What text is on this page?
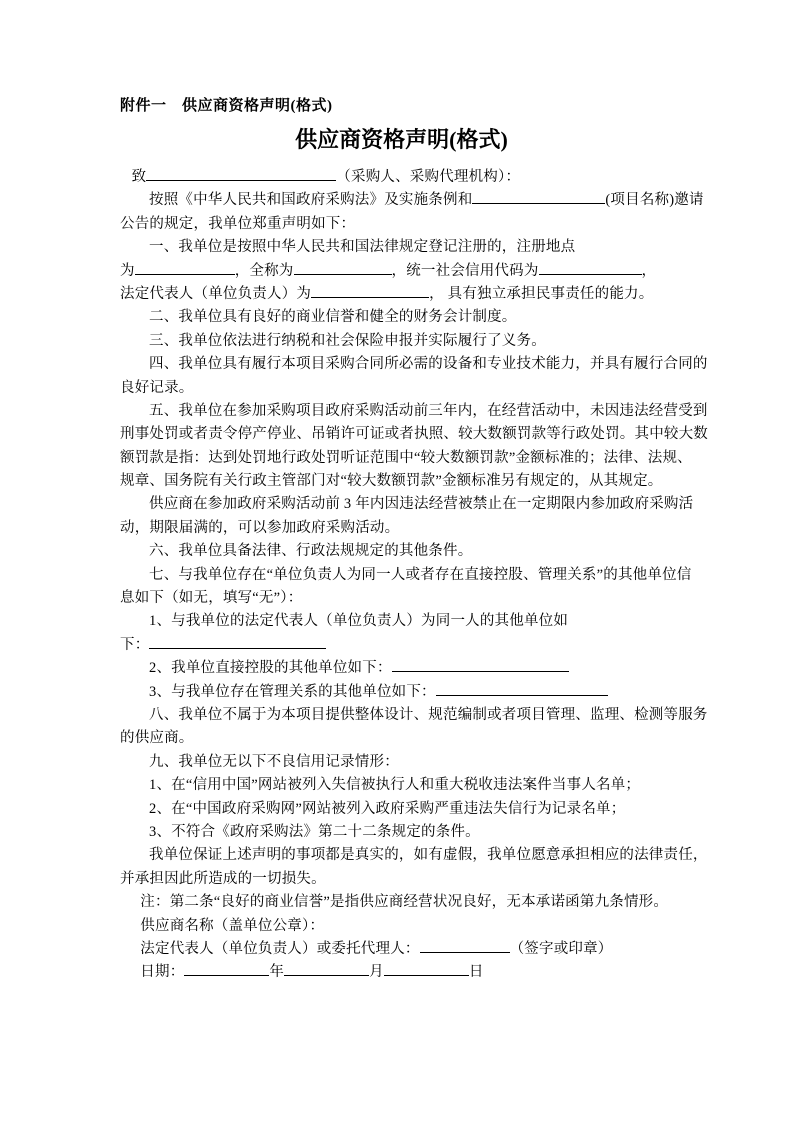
附件一　供应商资格声明(格式)
供应商资格声明(格式)
致	（采购人、采购代理机构）：
按照《中华人民共和国政府采购法》及实施条例和	(项目名称)邀请
公告的规定，我单位郑重声明如下：
一、我单位是按照中华人民共和国法律规定登记注册的，注册地点
为	，全称为	，统一社会信用代码为	，
法定代表人（单位负责人）为	， 具有独立承担民事责任的能力。
二、我单位具有良好的商业信誉和健全的财务会计制度。
三、我单位依法进行纳税和社会保险申报并实际履行了义务。
四、我单位具有履行本项目采购合同所必需的设备和专业技术能力，并具有履行合同的
良好记录。
五、我单位在参加采购项目政府采购活动前三年内，在经营活动中，未因违法经营受到
刑事处罚或者责令停产停业、吊销许可证或者执照、较大数额罚款等行政处罚。其中较大数
额罚款是指：达到处罚地行政处罚听证范围中“较大数额罚款”金额标准的；法律、法规、
规章、国务院有关行政主管部门对“较大数额罚款”金额标准另有规定的，从其规定。
供应商在参加政府采购活动前 3 年内因违法经营被禁止在一定期限内参加政府采购活
动，期限届满的，可以参加政府采购活动。
六、我单位具备法律、行政法规规定的其他条件。
七、与我单位存在“单位负责人为同一人或者存在直接控股、管理关系”的其他单位信
息如下（如无，填写“无”）：
1、与我单位的法定代表人（单位负责人）为同一人的其他单位如
下：
2、我单位直接控股的其他单位如下：
3、与我单位存在管理关系的其他单位如下：
八、我单位不属于为本项目提供整体设计、规范编制或者项目管理、监理、检测等服务
的供应商。
九、我单位无以下不良信用记录情形：
1、在“信用中国”网站被列入失信被执行人和重大税收违法案件当事人名单；
2、在“中国政府采购网”网站被列入政府采购严重违法失信行为记录名单；
3、不符合《政府采购法》第二十二条规定的条件。
我单位保证上述声明的事项都是真实的，如有虚假，我单位愿意承担相应的法律责任，
并承担因此所造成的一切损失。
注：第二条“良好的商业信誉”是指供应商经营状况良好，无本承诺函第九条情形。
供应商名称（盖单位公章）：
法定代表人（单位负责人）或委托代理人：	（签字或印章）
日期：	年	月	日
